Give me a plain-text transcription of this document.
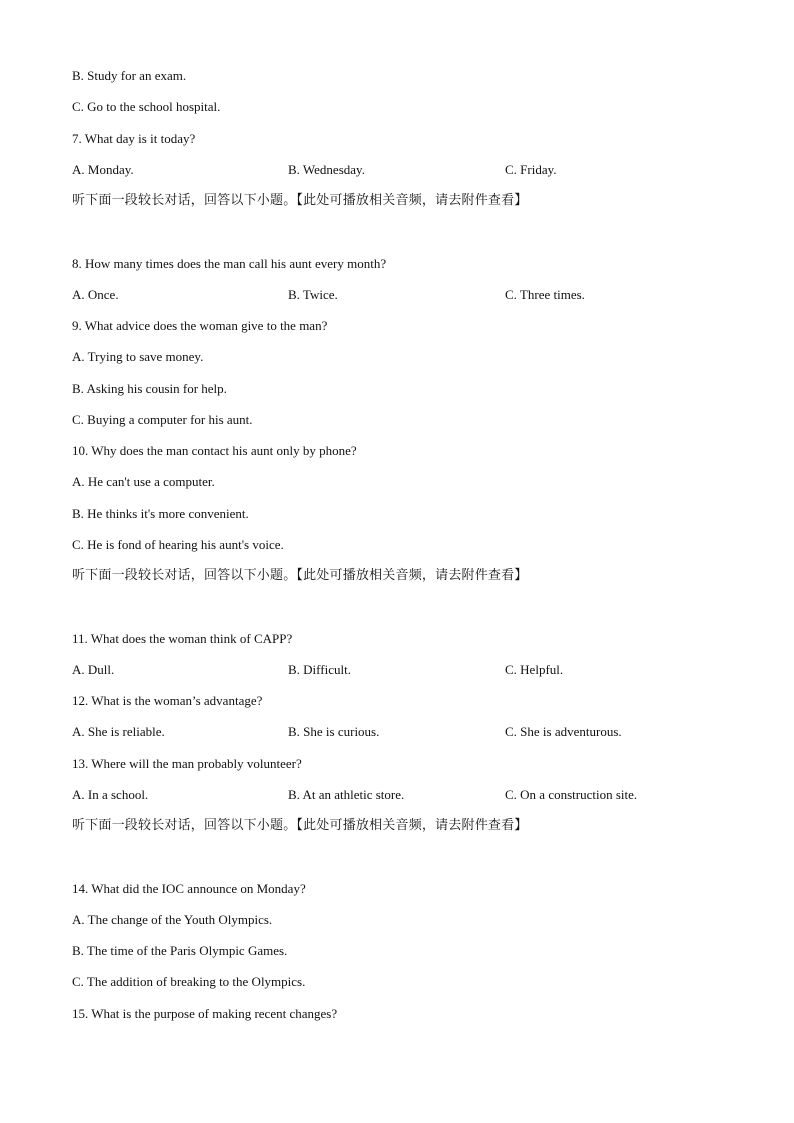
B. Study for an exam.
C. Go to the school hospital.
7. What day is it today?
A. Monday.	B. Wednesday.	C. Friday.
听下面一段较长对话，回答以下小题。【此处可播放相关音频，请去附件查看】
8. How many times does the man call his aunt every month?
A. Once.	B. Twice.	C. Three times.
9. What advice does the woman give to the man?
A. Trying to save money.
B. Asking his cousin for help.
C. Buying a computer for his aunt.
10. Why does the man contact his aunt only by phone?
A. He can't use a computer.
B. He thinks it's more convenient.
C. He is fond of hearing his aunt's voice.
听下面一段较长对话，回答以下小题。【此处可播放相关音频，请去附件查看】
11. What does the woman think of CAPP?
A. Dull.	B. Difficult.	C. Helpful.
12. What is the woman’s advantage?
A. She is reliable.	B. She is curious.	C. She is adventurous.
13. Where will the man probably volunteer?
A. In a school.	B. At an athletic store.	C. On a construction site.
听下面一段较长对话，回答以下小题。【此处可播放相关音频，请去附件查看】
14. What did the IOC announce on Monday?
A. The change of the Youth Olympics.
B. The time of the Paris Olympic Games.
C. The addition of breaking to the Olympics.
15. What is the purpose of making recent changes?
